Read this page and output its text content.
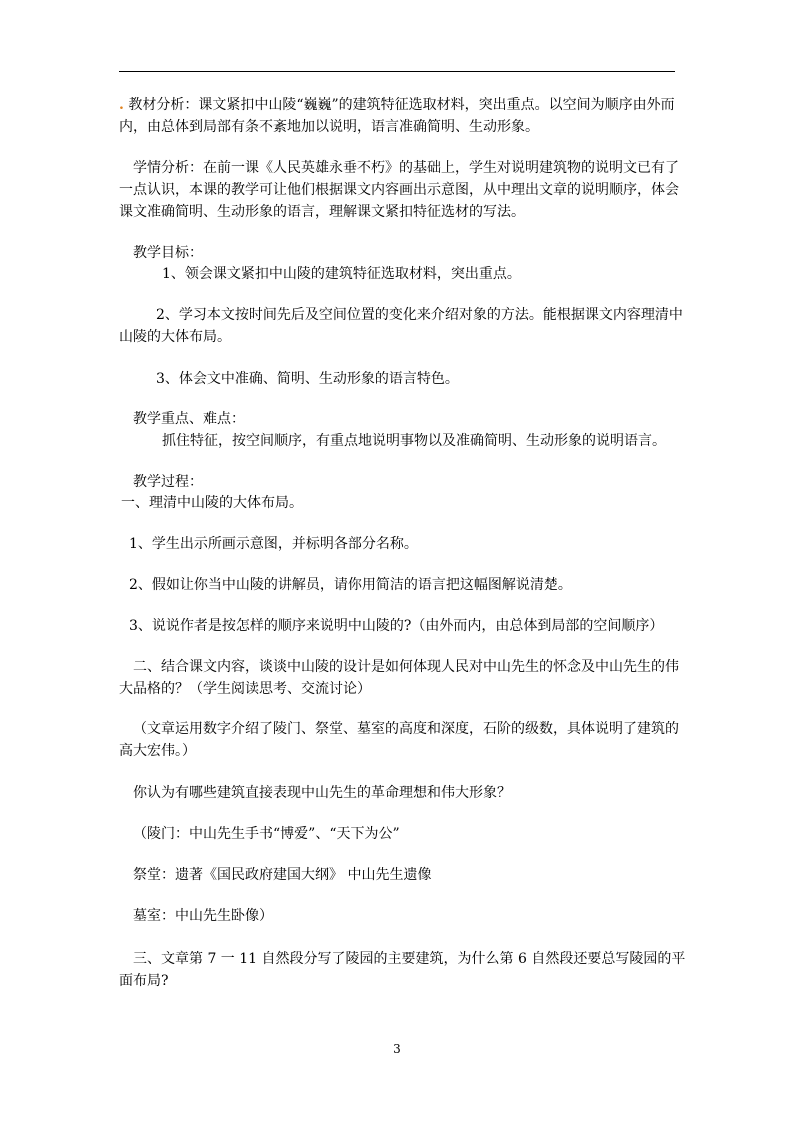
. 教材分析：课文紧扣中山陵“巍巍”的建筑特征选取材料，突出重点。以空间为顺序由外而
内，由总体到局部有条不紊地加以说明，语言准确简明、生动形象。
学情分析：在前一课《人民英雄永垂不朽》的基础上，学生对说明建筑物的说明文已有了
一点认识，本课的教学可让他们根据课文内容画出示意图，从中理出文章的说明顺序，体会
课文准确简明、生动形象的语言，理解课文紧扣特征选材的写法。
教学目标：
1、领会课文紧扣中山陵的建筑特征选取材料，突出重点。
2、学习本文按时间先后及空间位置的变化来介绍对象的方法。能根据课文内容理清中
山陵的大体布局。
3、体会文中准确、简明、生动形象的语言特色。
教学重点、难点：
抓住特征，按空间顺序，有重点地说明事物以及准确简明、生动形象的说明语言。
教学过程：
一、理清中山陵的大体布局。
1、学生出示所画示意图，并标明各部分名称。
2、假如让你当中山陵的讲解员，请你用简洁的语言把这幅图解说清楚。
3、说说作者是按怎样的顺序来说明中山陵的?（由外而内，由总体到局部的空间顺序）
二、结合课文内容，谈谈中山陵的设计是如何体现人民对中山先生的怀念及中山先生的伟
大品格的？（学生阅读思考、交流讨论）
（文章运用数字介绍了陵门、祭堂、墓室的高度和深度，石阶的级数，具体说明了建筑的
高大宏伟。）
你认为有哪些建筑直接表现中山先生的革命理想和伟大形象？
（陵门：中山先生手书“博爱”、“天下为公”
祭堂：遗著《国民政府建国大纲》 中山先生遗像
墓室：中山先生卧像）
三、文章第 7 一 11 自然段分写了陵园的主要建筑，为什么第 6 自然段还要总写陵园的平
面布局?
3
